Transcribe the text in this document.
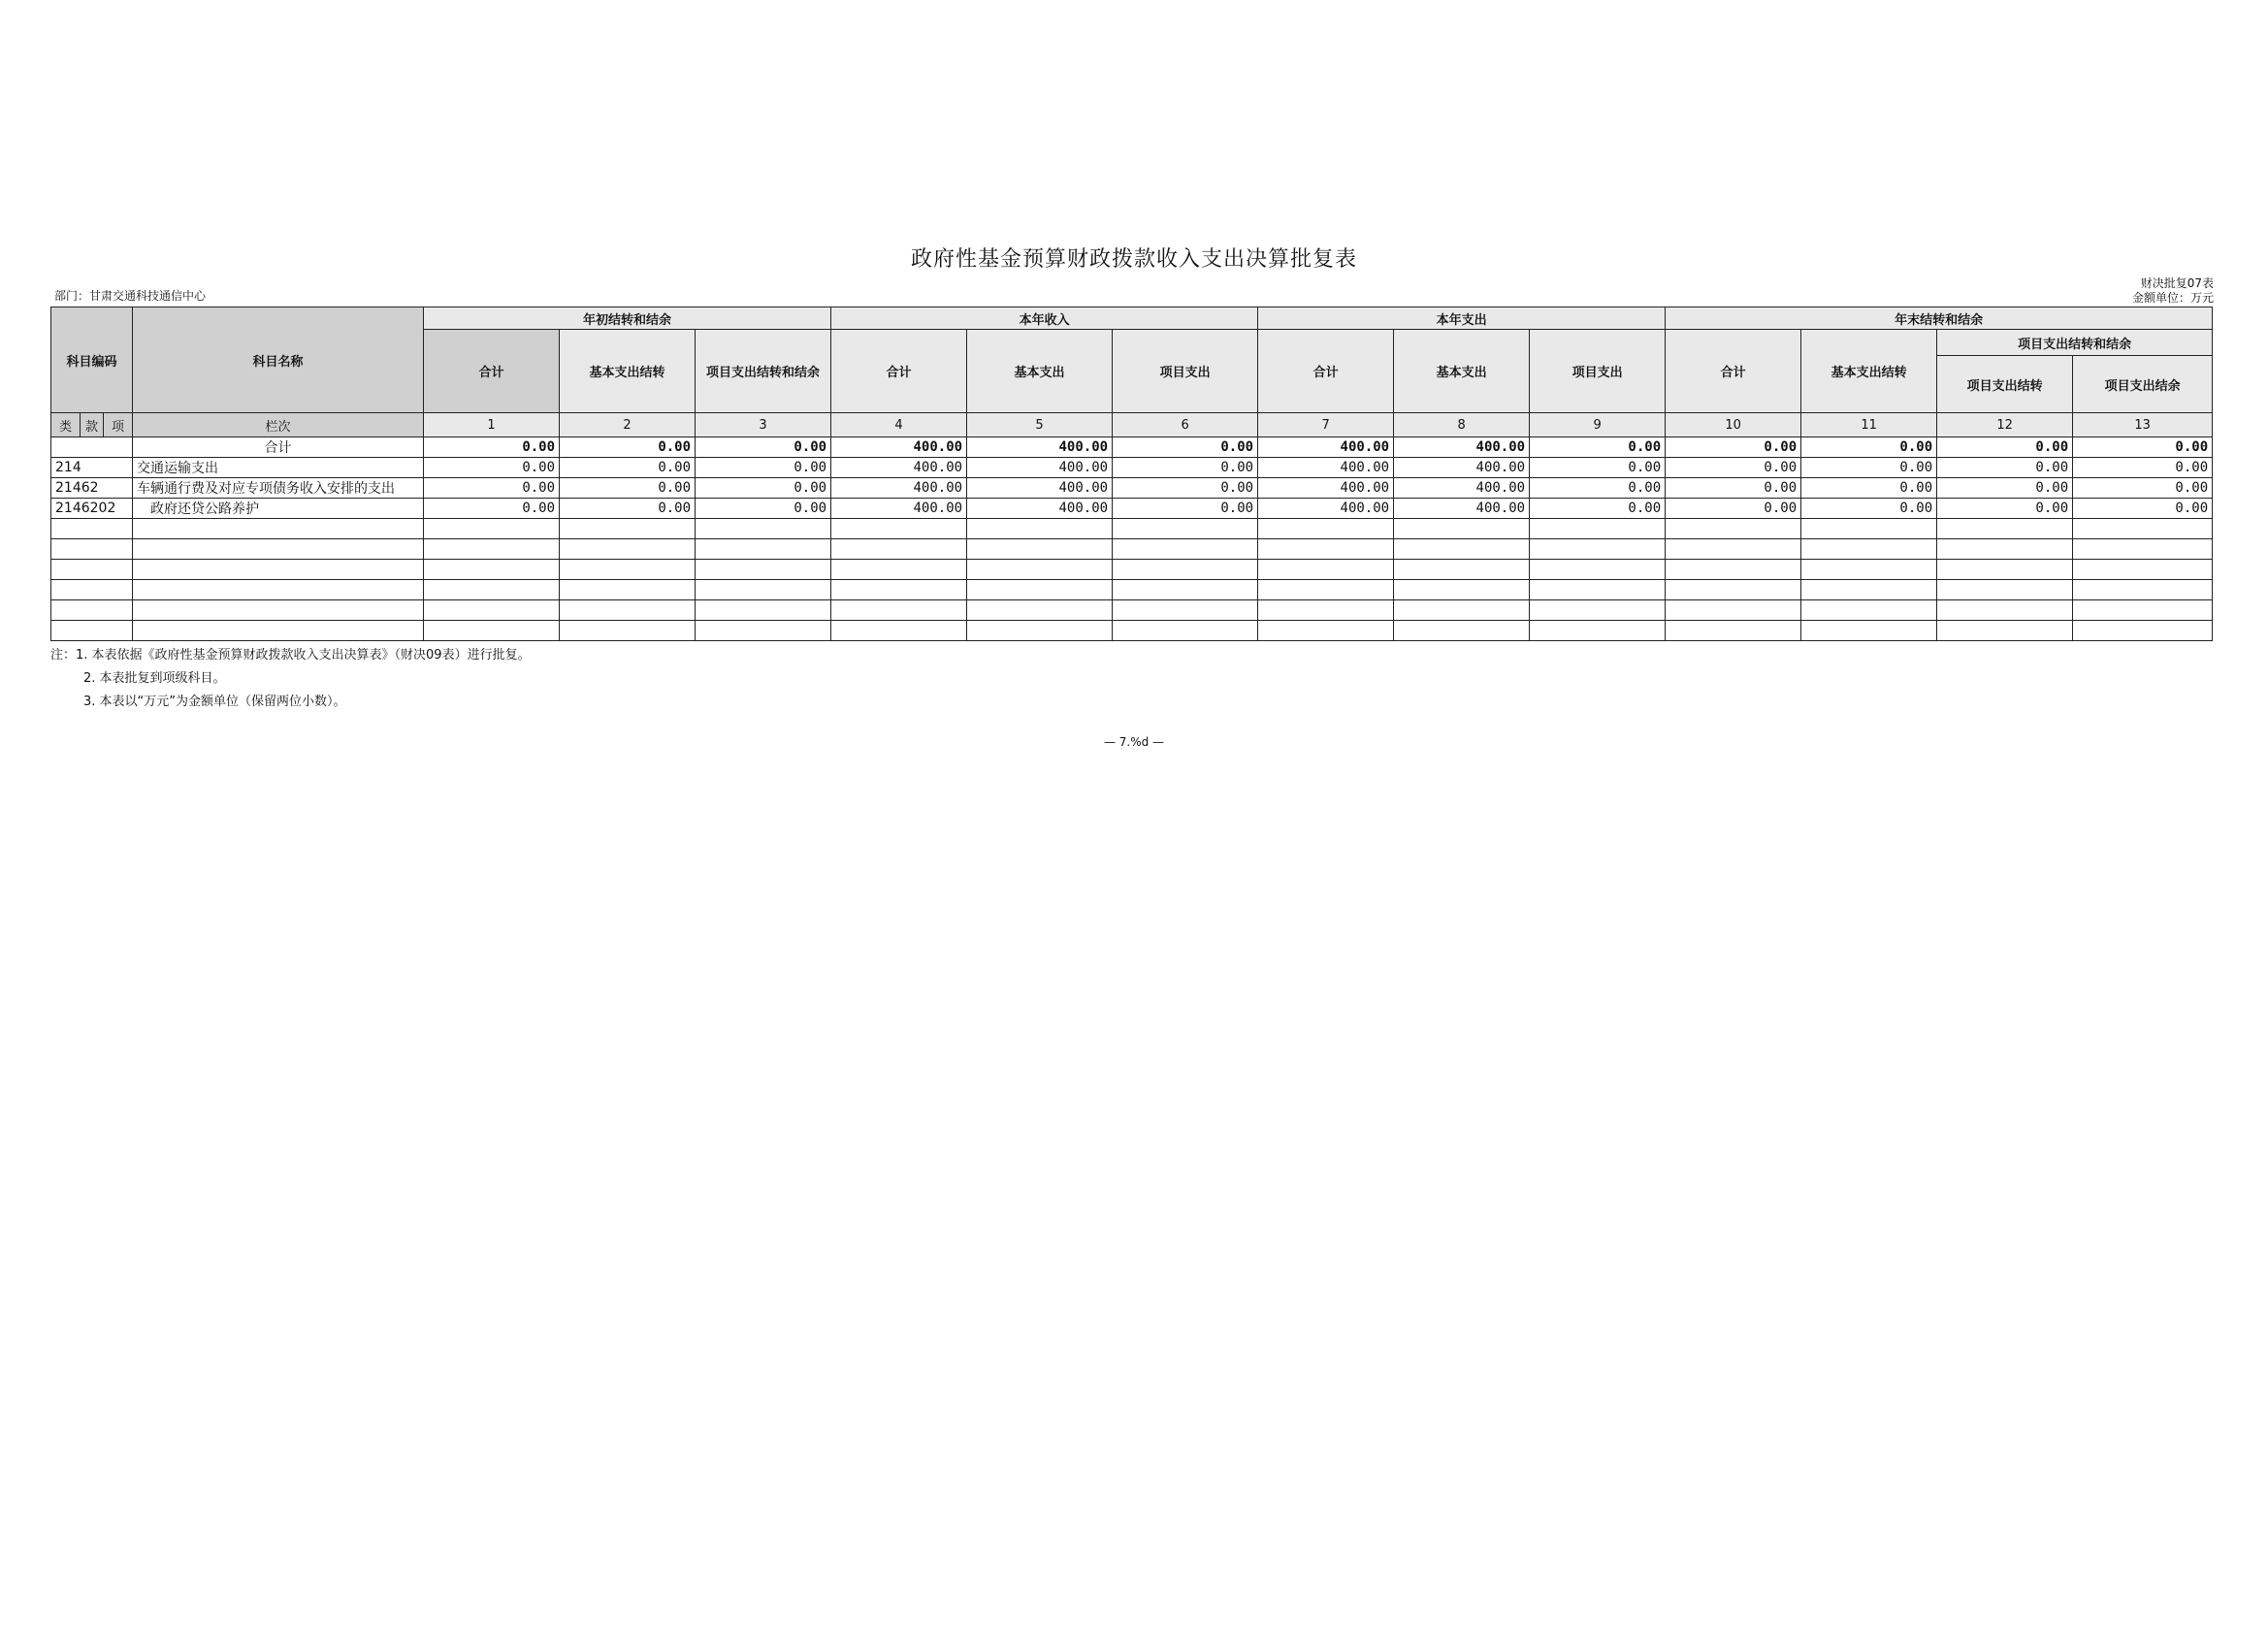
政府性基金预算财政拨款收入支出决算批复表
部门：甘肃交通科技通信中心
财决批复07表
金额单位：万元
科目编码			科目名称	年初结转和结余			本年收入			本年支出			年末结转和结余			
				合计	基本支出结转	项目支出结转和结余	合计	基本支出	项目支出	合计	基本支出	项目支出	合计	基本支出结转	项目支出结转和结余	
															项目支出结转	项目支出结余
类	款	项	栏次	1	2	3	4	5	6	7	8	9	10	11	12	13
			合计	0.00	0.00	0.00	400.00	400.00	0.00	400.00	400.00	0.00	0.00	0.00	0.00	0.00
214			交通运输支出	0.00	0.00	0.00	400.00	400.00	0.00	400.00	400.00	0.00	0.00	0.00	0.00	0.00
21462			车辆通行费及对应专项债务收入安排的支出	0.00	0.00	0.00	400.00	400.00	0.00	400.00	400.00	0.00	0.00	0.00	0.00	0.00
2146202			政府还贷公路养护	0.00	0.00	0.00	400.00	400.00	0.00	400.00	400.00	0.00	0.00	0.00	0.00	0.00

注：1. 本表依据《政府性基金预算财政拨款收入支出决算表》（财决09表）进行批复。
2. 本表批复到项级科目。
3. 本表以“万元”为金额单位（保留两位小数）。
— 7.%d —
